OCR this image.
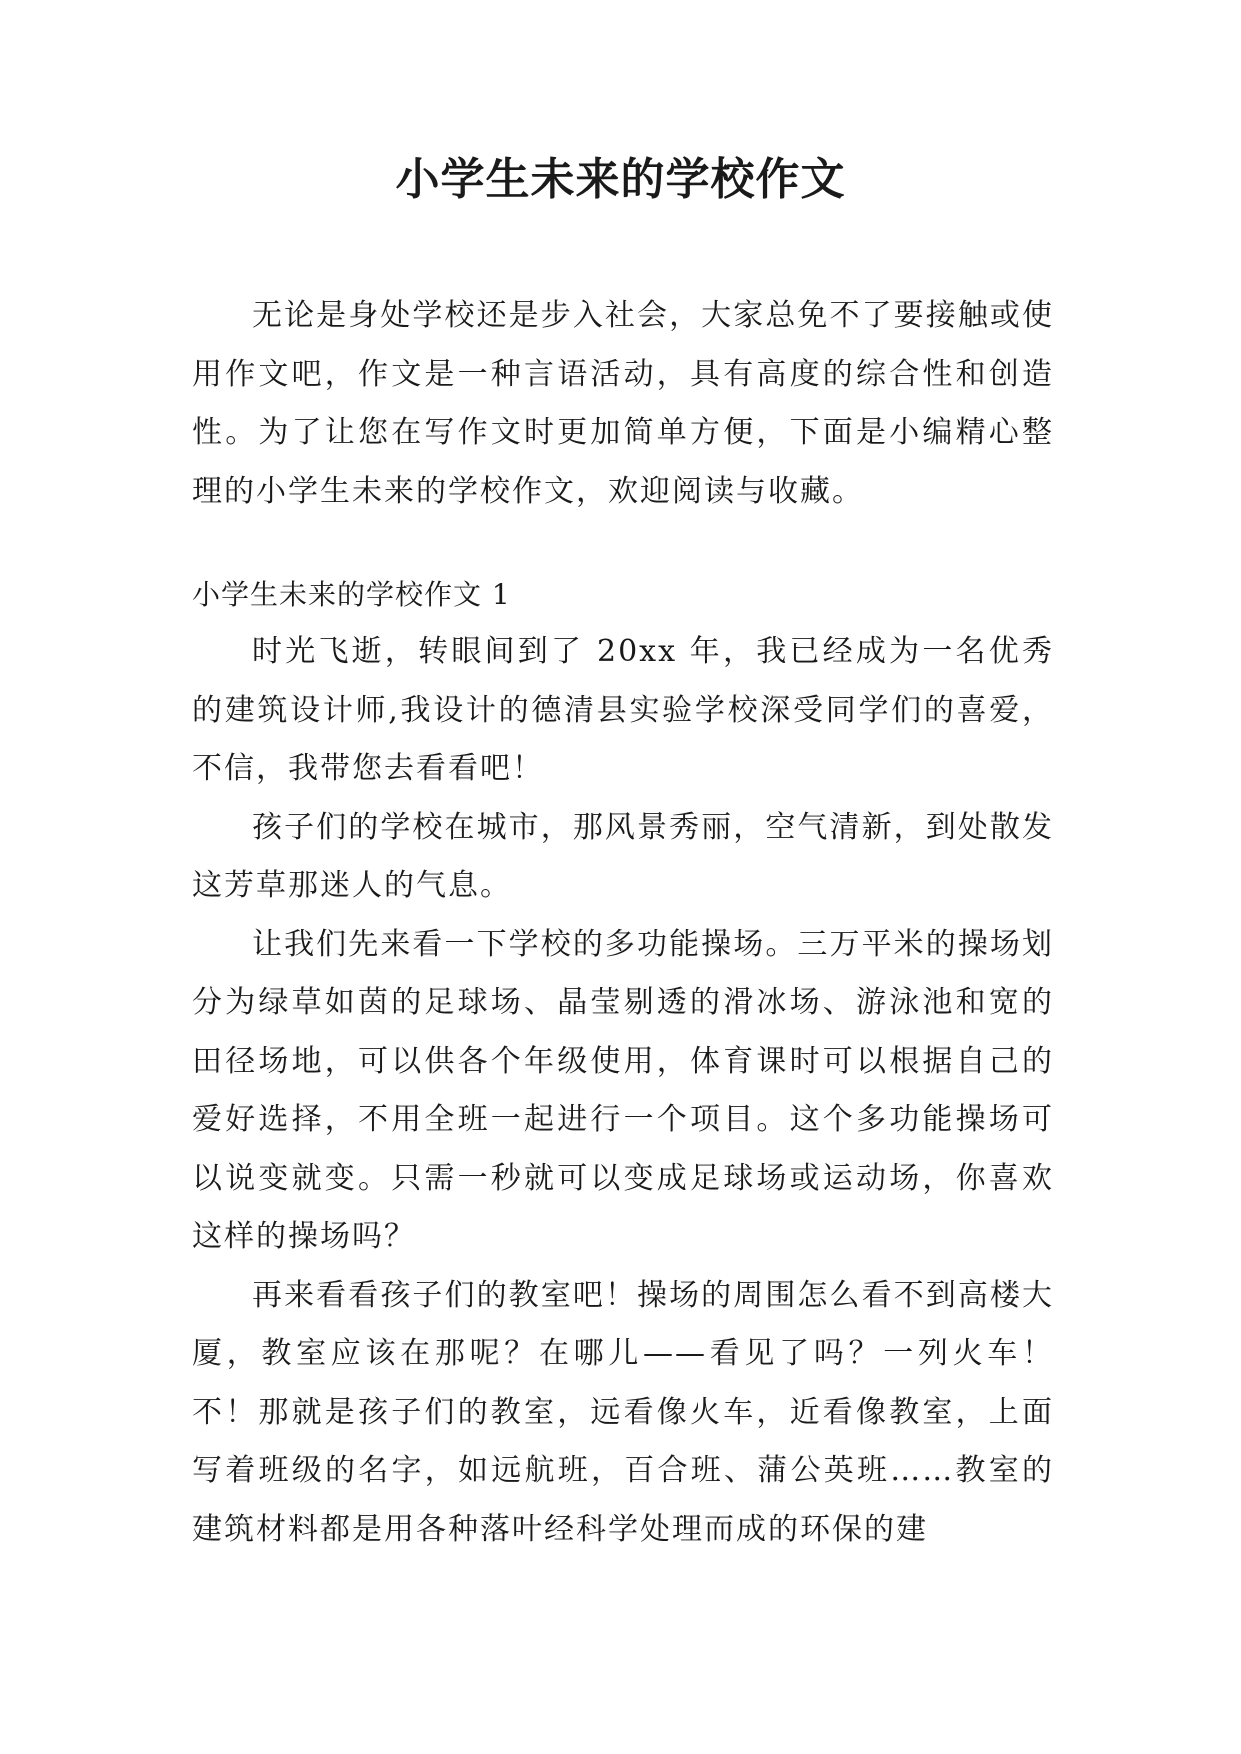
小学生未来的学校作文

无论是身处学校还是步入社会，大家总免不了要接触或使用作文吧，作文是一种言语活动，具有高度的综合性和创造性。为了让您在写作文时更加简单方便，下面是小编精心整理的小学生未来的学校作文，欢迎阅读与收藏。

小学生未来的学校作文 1

时光飞逝，转眼间到了 20xx 年，我已经成为一名优秀的建筑设计师,我设计的德清县实验学校深受同学们的喜爱，不信，我带您去看看吧！

孩子们的学校在城市，那风景秀丽，空气清新，到处散发这芳草那迷人的气息。

让我们先来看一下学校的多功能操场。三万平米的操场划分为绿草如茵的足球场、晶莹剔透的滑冰场、游泳池和宽的田径场地，可以供各个年级使用，体育课时可以根据自己的爱好选择，不用全班一起进行一个项目。这个多功能操场可以说变就变。只需一秒就可以变成足球场或运动场，你喜欢这样的操场吗？

再来看看孩子们的教室吧！操场的周围怎么看不到高楼大厦，教室应该在那呢？在哪儿——看见了吗？一列火车！不！那就是孩子们的教室，远看像火车，近看像教室，上面写着班级的名字，如远航班，百合班、蒲公英班……教室的建筑材料都是用各种落叶经科学处理而成的环保的建
